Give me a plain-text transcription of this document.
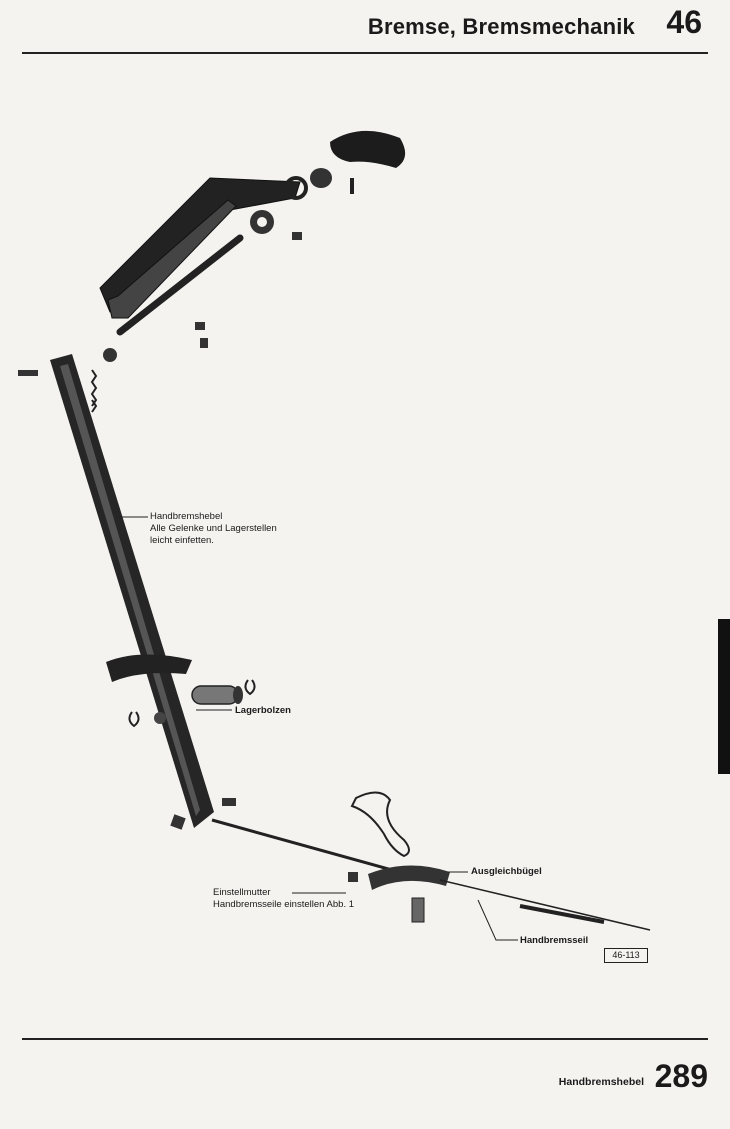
Bremse, Bremsmechanik 46
Handbremshebel
Alle Gelenke und Lagerstellen
leicht einfetten.
Lagerbolzen
Ausgleichbügel
Einstellmutter
Handbremsseile einstellen Abb. 1
Handbremsseil
46-113
Handbremshebel 289
